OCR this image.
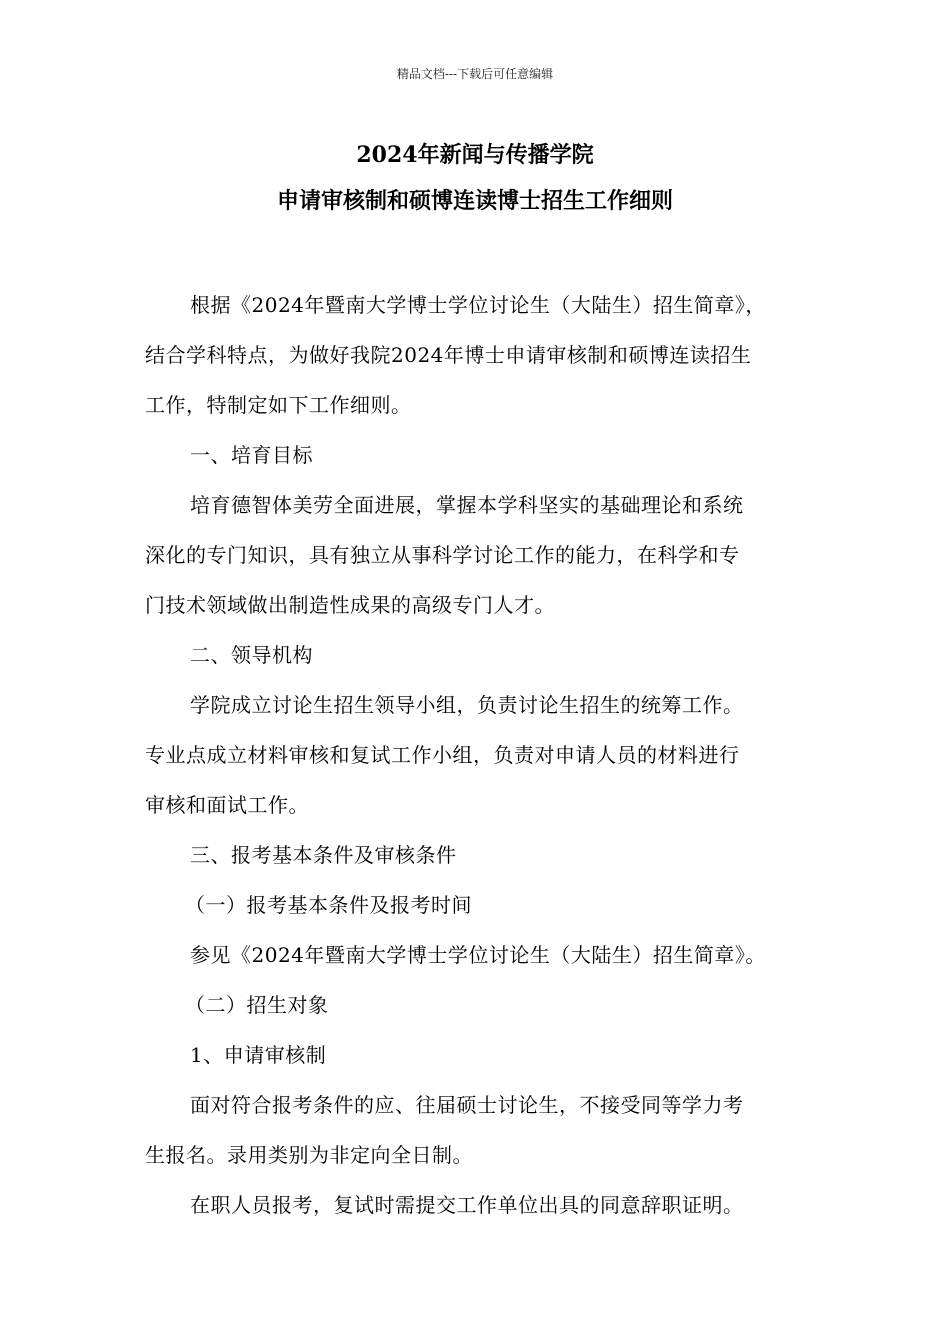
精品文档---下载后可任意编辑
2024年新闻与传播学院
申请审核制和硕博连读博士招生工作细则

根据《2024年暨南大学博士学位讨论生（大陆生）招生简章》，
结合学科特点，为做好我院2024年博士申请审核制和硕博连读招生
工作，特制定如下工作细则。

一、培育目标

培育德智体美劳全面进展，掌握本学科坚实的基础理论和系统
深化的专门知识，具有独立从事科学讨论工作的能力，在科学和专
门技术领域做出制造性成果的高级专门人才。

二、领导机构

学院成立讨论生招生领导小组，负责讨论生招生的统筹工作。
专业点成立材料审核和复试工作小组，负责对申请人员的材料进行
审核和面试工作。

三、报考基本条件及审核条件

（一）报考基本条件及报考时间

参见《2024年暨南大学博士学位讨论生（大陆生）招生简章》。

（二）招生对象

1、申请审核制

面对符合报考条件的应、往届硕士讨论生，不接受同等学力考
生报名。录用类别为非定向全日制。

在职人员报考，复试时需提交工作单位出具的同意辞职证明。
